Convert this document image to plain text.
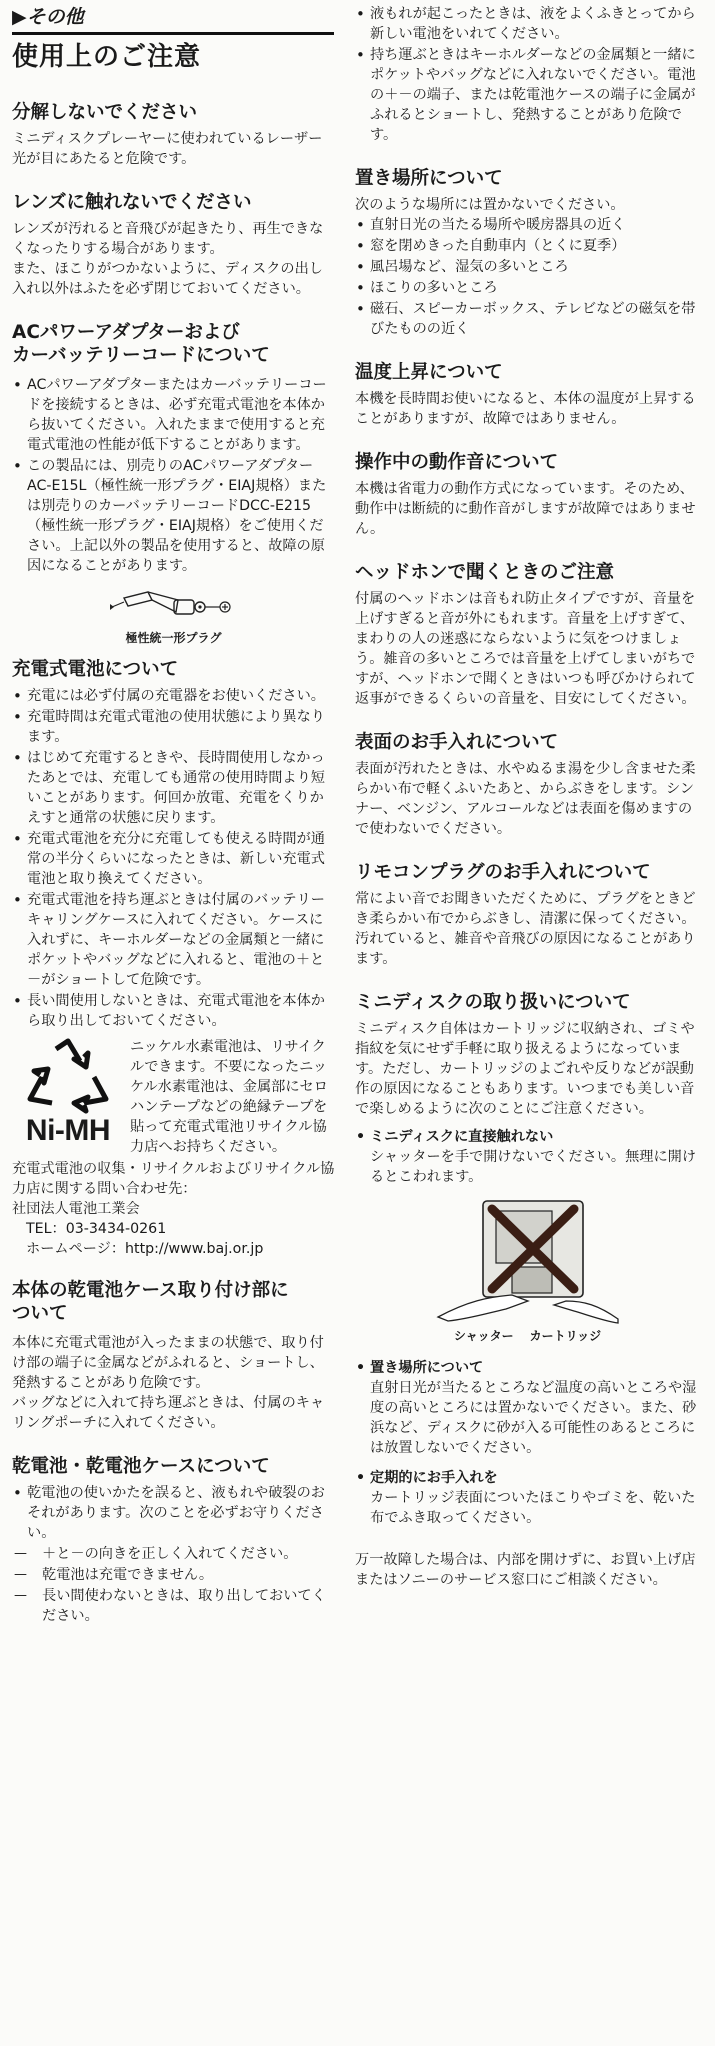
▶その他
使用上のご注意
分解しないでください

ミニディスクプレーヤーに使われているレーザー光が目にあたると危険です。

レンズに触れないでください

レンズが汚れると音飛びが起きたり、再生できなくなったりする場合があります。

また、ほこりがつかないように、ディスクの出し入れ以外はふたを必ず閉じておいてください。

ACパワーアダプターおよび
カーバッテリーコードについて
• ACパワーアダプターまたはカーバッテリーコードを接続するときは、必ず充電式電池を本体から抜いてください。入れたままで使用すると充電式電池の性能が低下することがあります。
• この製品には、別売りのACパワーアダプターAC-E15L（極性統一形プラグ・EIAJ規格）または別売りのカーバッテリーコードDCC-E215（極性統一形プラグ・EIAJ規格）をご使用ください。上記以外の製品を使用すると、故障の原因になることがあります。
極性統一形プラグ
充電式電池について
• 充電には必ず付属の充電器をお使いください。
• 充電時間は充電式電池の使用状態により異なります。
• はじめて充電するときや、長時間使用しなかったあとでは、充電しても通常の使用時間より短いことがあります。何回か放電、充電をくりかえすと通常の状態に戻ります。
• 充電式電池を充分に充電しても使える時間が通常の半分くらいになったときは、新しい充電式電池と取り換えてください。
• 充電式電池を持ち運ぶときは付属のバッテリーキャリングケースに入れてください。ケースに入れずに、キーホルダーなどの金属類と一緒にポケットやバッグなどに入れると、電池の＋と－がショートして危険です。
• 長い間使用しないときは、充電式電池を本体から取り出しておいてください。
Ni-MH

ニッケル水素電池は、リサイクルできます。不要になったニッケル水素電池は、金属部にセロハンテープなどの絶縁テープを貼って充電式電池リサイクル協力店へお持ちください。

充電式電池の収集・リサイクルおよびリサイクル協力店に関する問い合わせ先：

社団法人電池工業会

TEL：03-3434-0261

ホームページ：http://www.baj.or.jp

本体の乾電池ケース取り付け部に
ついて

本体に充電式電池が入ったままの状態で、取り付け部の端子に金属などがふれると、ショートし、発熱することがあり危険です。

バッグなどに入れて持ち運ぶときは、付属のキャリングポーチに入れてください。

乾電池・乾電池ケースについて
• 乾電池の使いかたを誤ると、液もれや破裂のおそれがあります。次のことを必ずお守りください。
— ＋と－の向きを正しく入れてください。
— 乾電池は充電できません。
— 長い間使わないときは、取り出しておいてください。
• 液もれが起こったときは、液をよくふきとってから新しい電池をいれてください。
• 持ち運ぶときはキーホルダーなどの金属類と一緒にポケットやバッグなどに入れないでください。電池の＋－の端子、または乾電池ケースの端子に金属がふれるとショートし、発熱することがあり危険です。
置き場所について

次のような場所には置かないでください。

• 直射日光の当たる場所や暖房器具の近く
• 窓を閉めきった自動車内（とくに夏季）
• 風呂場など、湿気の多いところ
• ほこりの多いところ
• 磁石、スピーカーボックス、テレビなどの磁気を帯びたものの近く
温度上昇について

本機を長時間お使いになると、本体の温度が上昇することがありますが、故障ではありません。

操作中の動作音について

本機は省電力の動作方式になっています。そのため、動作中は断続的に動作音がしますが故障ではありません。

ヘッドホンで聞くときのご注意

付属のヘッドホンは音もれ防止タイプですが、音量を上げすぎると音が外にもれます。音量を上げすぎて、まわりの人の迷惑にならないように気をつけましょう。雑音の多いところでは音量を上げてしまいがちですが、ヘッドホンで聞くときはいつも呼びかけられて返事ができるくらいの音量を、目安にしてください。

表面のお手入れについて

表面が汚れたときは、水やぬるま湯を少し含ませた柔らかい布で軽くふいたあと、からぶきをします。シンナー、ベンジン、アルコールなどは表面を傷めますので使わないでください。

リモコンプラグのお手入れについて

常によい音でお聞きいただくために、プラグをときどき柔らかい布でからぶきし、清潔に保ってください。汚れていると、雑音や音飛びの原因になることがあります。

ミニディスクの取り扱いについて

ミニディスク自体はカートリッジに収納され、ゴミや指紋を気にせず手軽に取り扱えるようになっています。ただし、カートリッジのよごれや反りなどが誤動作の原因になることもあります。いつまでも美しい音で楽しめるように次のことにご注意ください。

• ミニディスクに直接触れない
シャッターを手で開けないでください。無理に開けるとこわれます。
シャッター カートリッジ
• 置き場所について
直射日光が当たるところなど温度の高いところや湿度の高いところには置かないでください。また、砂浜など、ディスクに砂が入る可能性のあるところには放置しないでください。
• 定期的にお手入れを
カートリッジ表面についたほこりやゴミを、乾いた布でふき取ってください。

万一故障した場合は、内部を開けずに、お買い上げ店またはソニーのサービス窓口にご相談ください。
